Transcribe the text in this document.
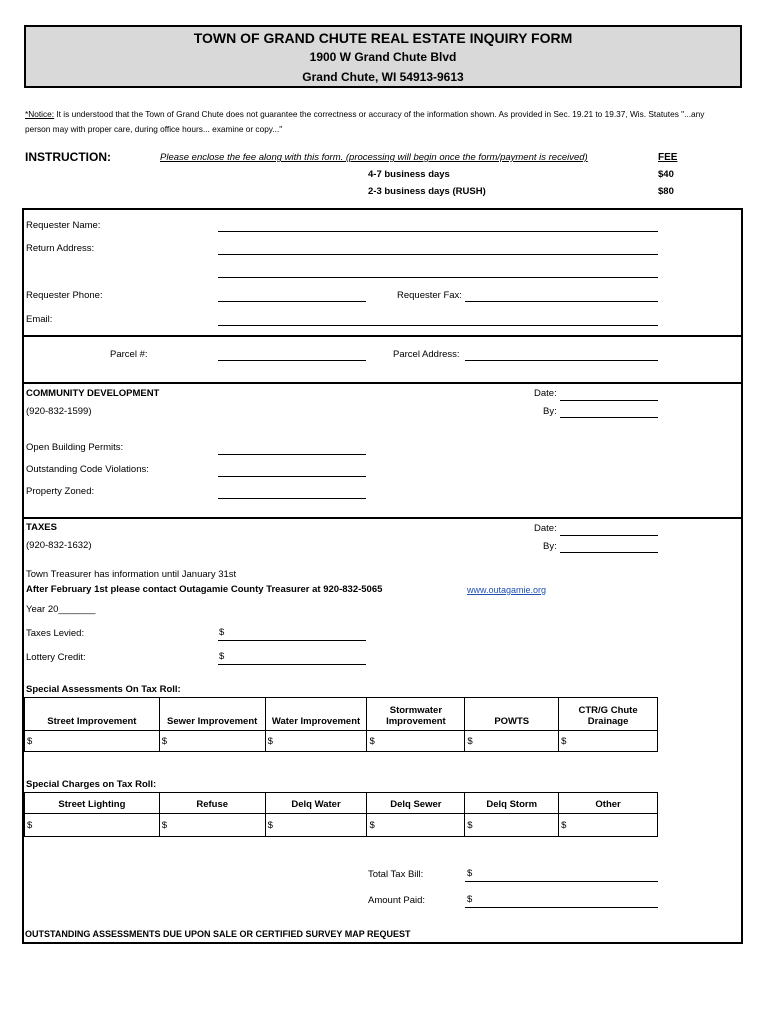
TOWN OF GRAND CHUTE REAL ESTATE INQUIRY FORM
1900 W Grand Chute Blvd
Grand Chute, WI 54913-9613
*Notice: It is understood that the Town of Grand Chute does not guarantee the correctness or accuracy of the information shown. As provided in Sec. 19.21 to 19.37, Wis. Statutes "...any
person may with proper care, during office hours... examine or copy..."
INSTRUCTION:	Please enclose the fee along with this form. (processing will begin once the form/payment is received)	FEE
4-7 business days	$40
2-3 business days (RUSH)	$80
Requester Name:
Return Address:
Requester Phone:	Requester Fax:
Email:
Parcel #:	Parcel Address:
COMMUNITY DEVELOPMENT
(920-832-1599)
Date:
By:
Open Building Permits:
Outstanding Code Violations:
Property Zoned:
TAXES
(920-832-1632)
Date:
By:
Town Treasurer has information until January 31st
After February 1st please contact Outagamie County Treasurer at 920-832-5065	www.outagamie.org
Year 20_______
Taxes Levied:	$
Lottery Credit:	$
Special Assessments On Tax Roll:
Street Improvement	Sewer Improvement	Water Improvement	Stormwater Improvement	POWTS	CTR/G Chute Drainage
$	$	$	$	$	$
Special Charges on Tax Roll:
Street Lighting	Refuse	Delq Water	Delq Sewer	Delq Storm	Other
$	$	$	$	$	$
Total Tax Bill:	$
Amount Paid:	$
OUTSTANDING ASSESSMENTS DUE UPON SALE OR CERTIFIED SURVEY MAP REQUEST
